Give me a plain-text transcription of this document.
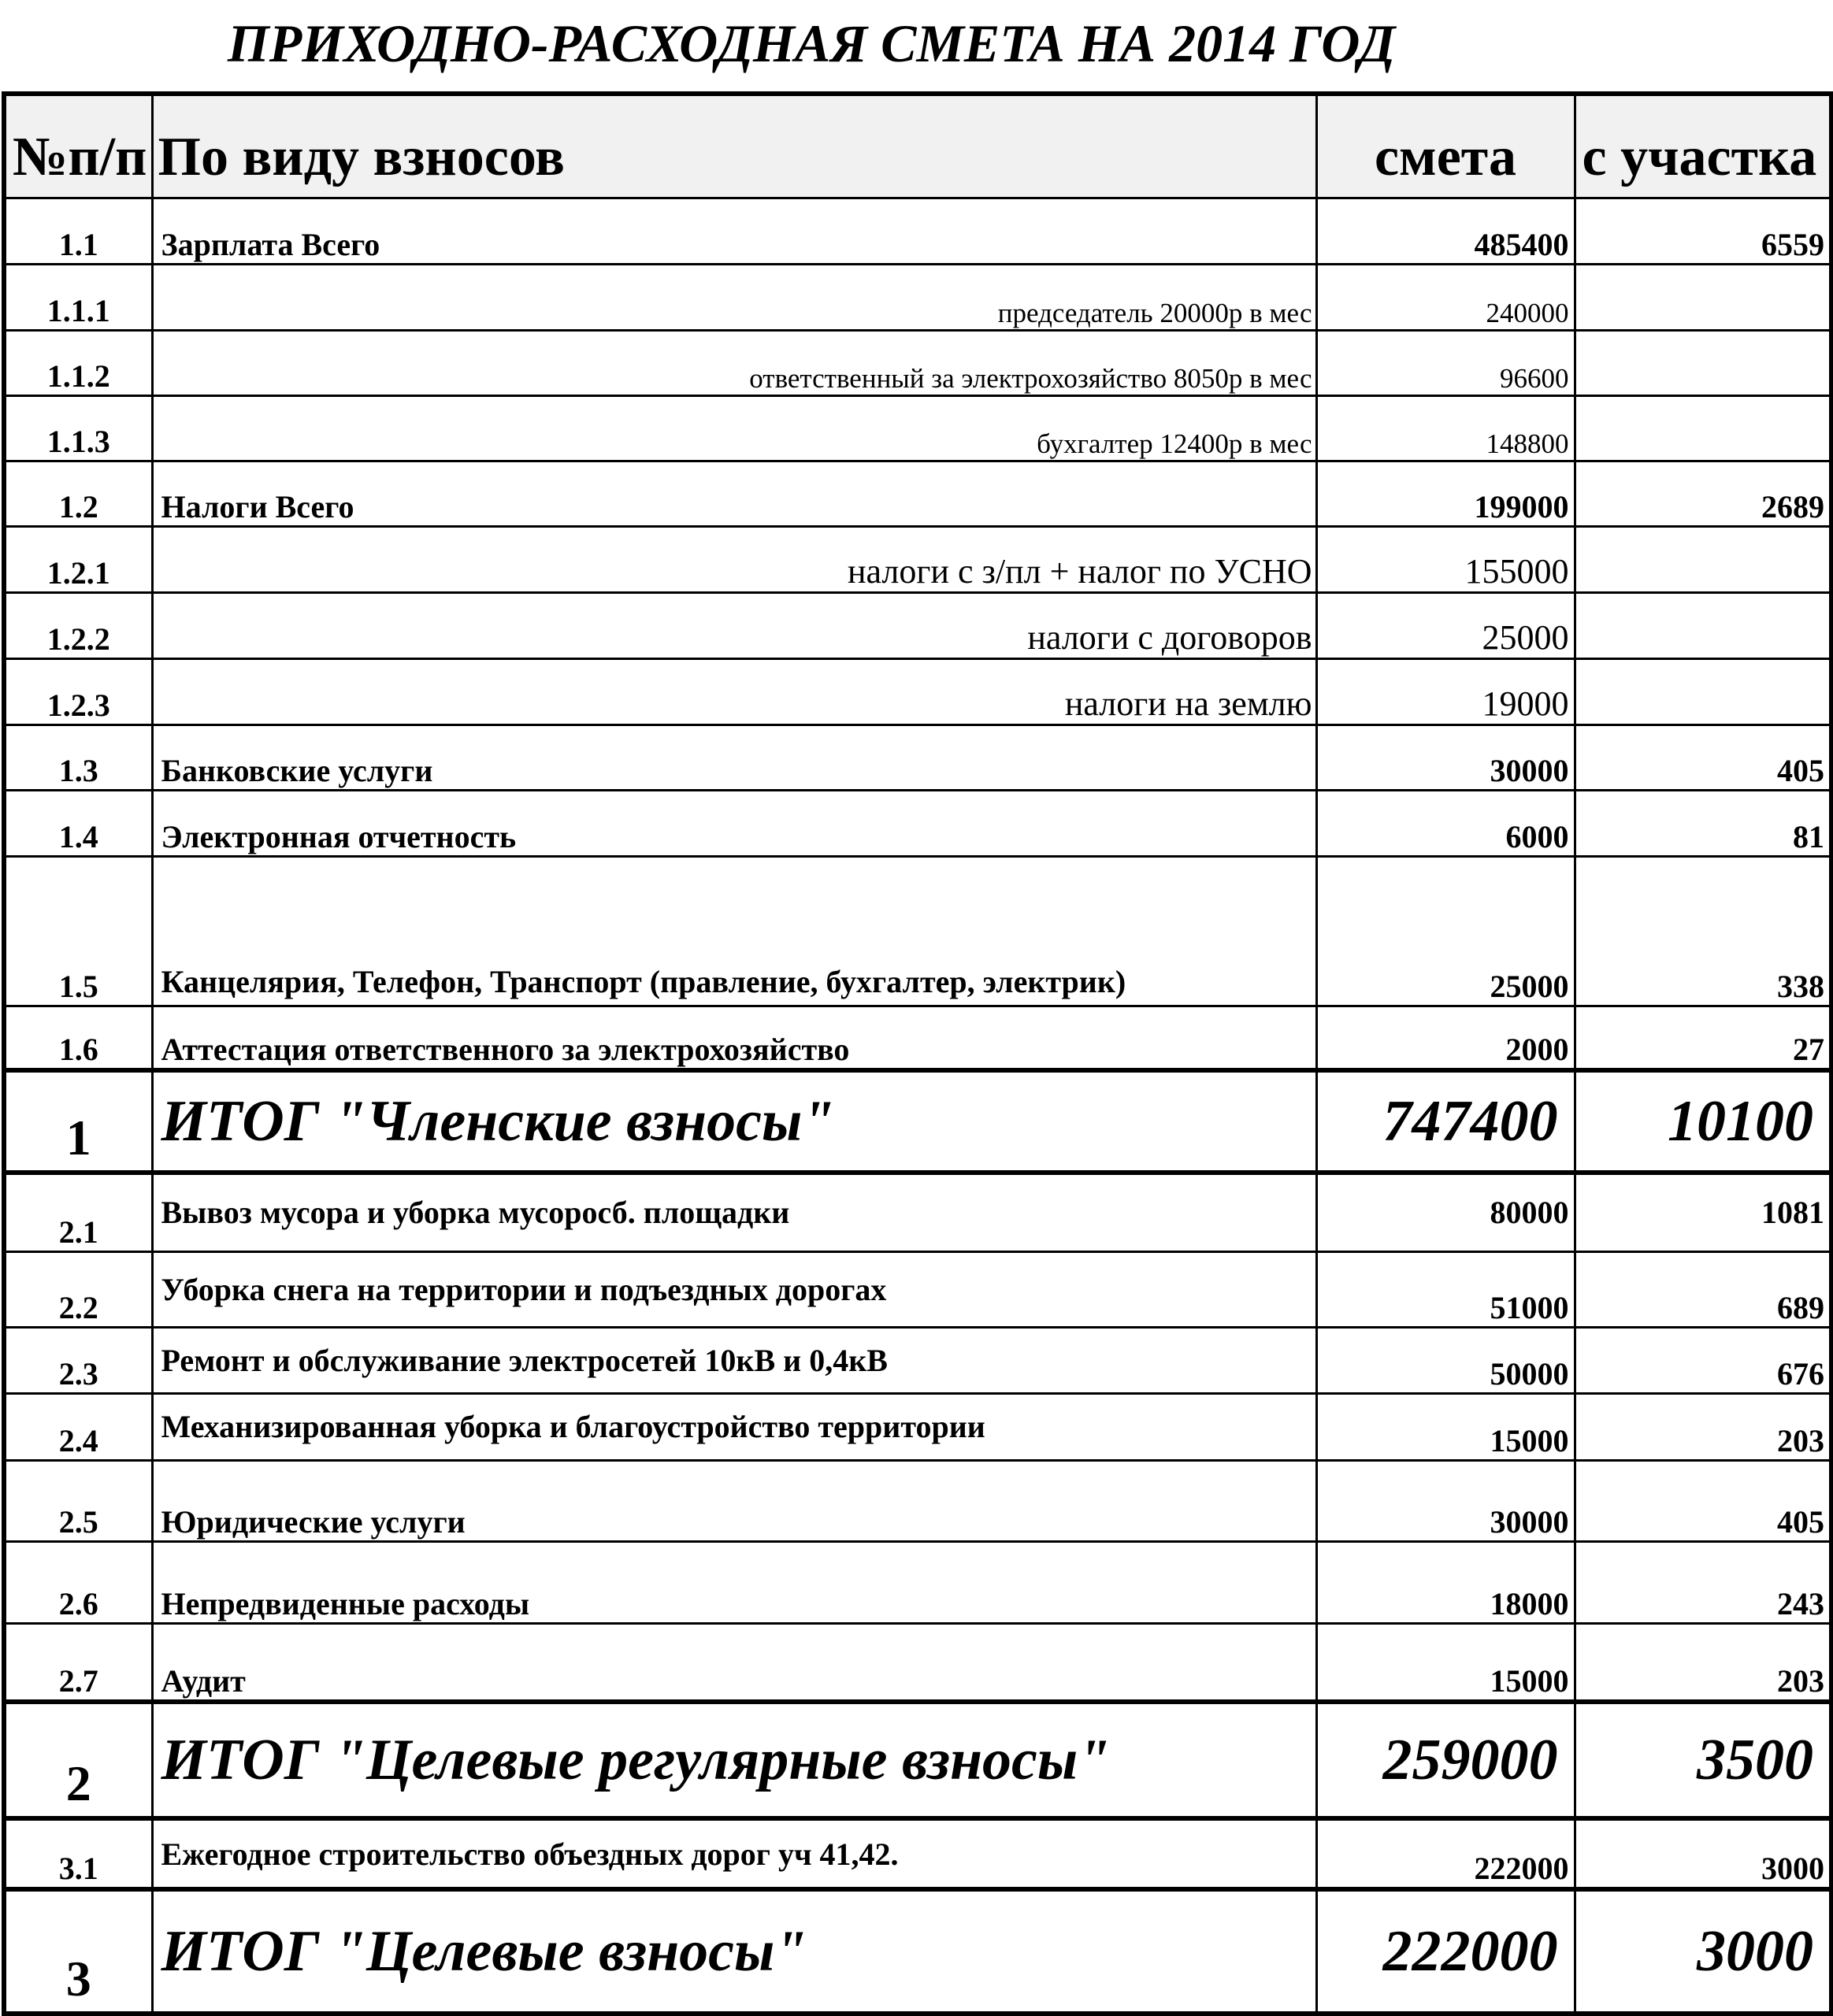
ПРИХОДНО-РАСХОДНАЯ СМЕТА НА 2014 ГОД
№п/п	По виду взносов	смета	с участка
1.1	Зарплата Всего	485400	6559
1.1.1	председатель 20000р в мес	240000	
1.1.2	ответственный за электрохозяйство 8050р в мес	96600	
1.1.3	бухгалтер 12400р в мес	148800	
1.2	Налоги Всего	199000	2689
1.2.1	налоги с з/пл + налог по УСНО	155000	
1.2.2	налоги с договоров	25000	
1.2.3	налоги на землю	19000	
1.3	Банковские услуги	30000	405
1.4	Электронная отчетность	6000	81
1.5	Канцелярия, Телефон, Транспорт (правление, бухгалтер, электрик)	25000	338
1.6	Аттестация ответственного за электрохозяйство	2000	27
1	ИТОГ "Членские взносы"	747400	10100
2.1	Вывоз мусора и уборка мусоросб. площадки	80000	1081
2.2	Уборка снега на территории и подъездных дорогах	51000	689
2.3	Ремонт и обслуживание электросетей 10кВ и 0,4кВ	50000	676
2.4	Механизированная уборка и благоустройство территории	15000	203
2.5	Юридические услуги	30000	405
2.6	Непредвиденные расходы	18000	243
2.7	Аудит	15000	203
2	ИТОГ "Целевые регулярные взносы"	259000	3500
3.1	Ежегодное строительство объездных дорог уч 41,42.	222000	3000
3	ИТОГ "Целевые взносы"	222000	3000
